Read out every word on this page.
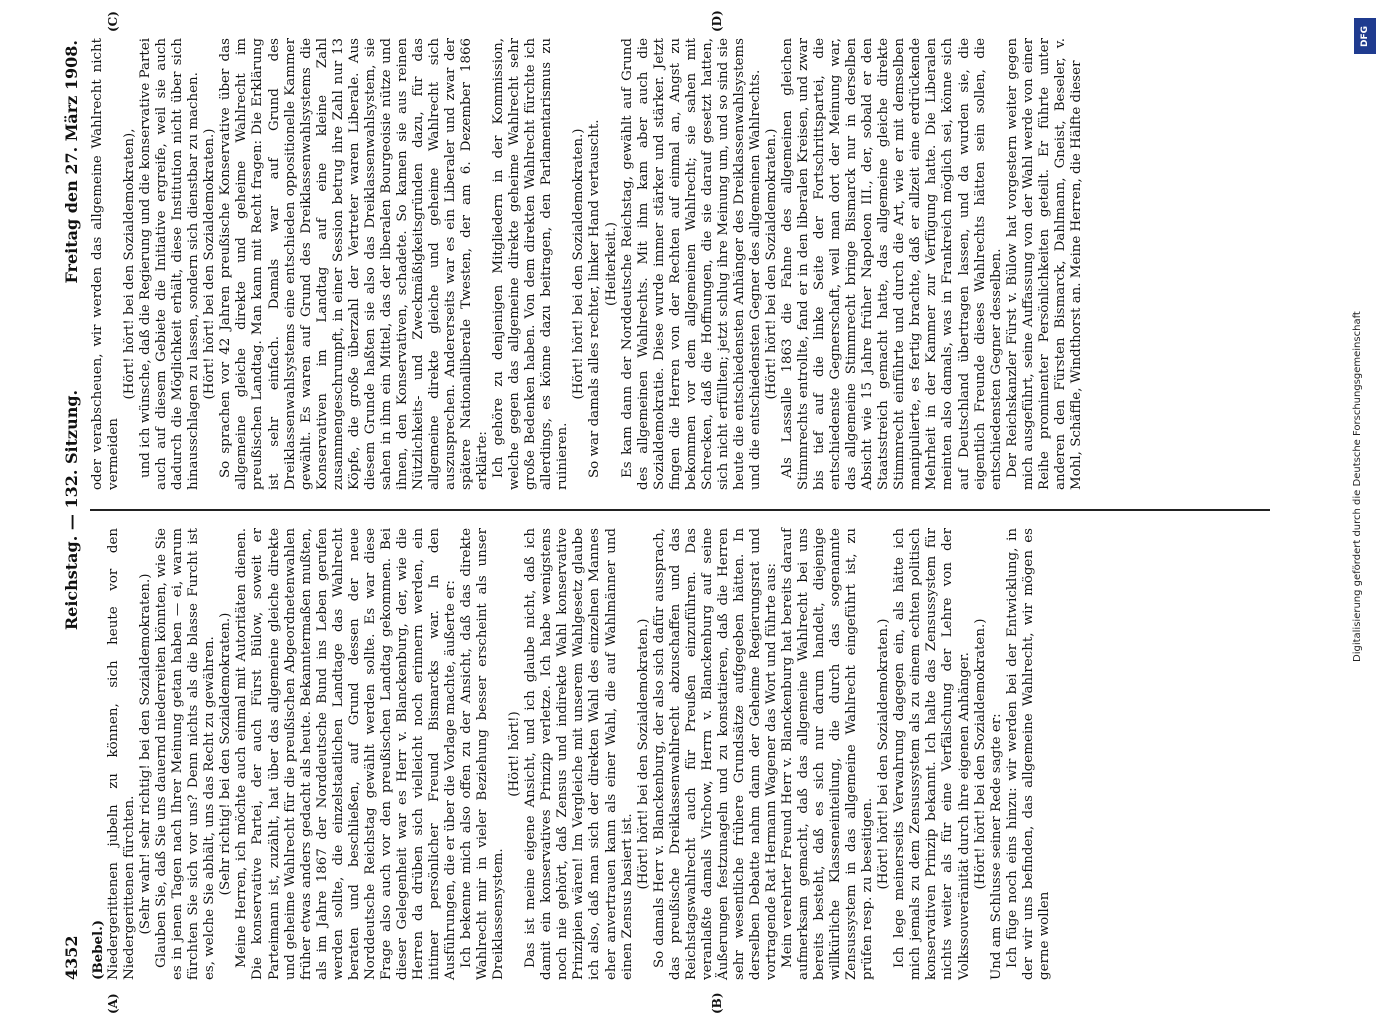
4352
Reichstag. — 132. Sitzung.
Freitag den 27. März 1908.
(A)	(B)
(C)	(D)

(Bebel.) Niedergerittenen jubeln zu können, sich heute vor den Niedergerittenen fürchten. (Sehr wahr! sehr richtig! bei den Sozialdemokraten.) Glauben Sie, daß Sie uns dauernd niederreiten könnten, wie Sie es in jenen Tagen nach Ihrer Meinung getan haben — ei, warum fürchten Sie sich vor uns? Denn nichts als die blasse Furcht ist es, welche Sie abhält, uns das Recht zu gewähren. (Sehr richtig! bei den Sozialdemokraten.) Meine Herren, ich möchte auch einmal mit Autoritäten dienen. Die konservative Partei, der auch Fürst Bülow, soweit er Parteimann ist, zuzählt, hat über das allgemeine gleiche direkte und geheime Wahlrecht für die preußischen Abgeordnetenwahlen früher etwas anders gedacht als heute. Bekanntermaßen mußten, als im Jahre 1867 der Norddeutsche Bund ins Leben gerufen werden sollte, die einzelstaatlichen Landtage das Wahlrecht beraten und beschließen, auf Grund dessen der neue Norddeutsche Reichstag gewählt werden sollte. Es war diese Frage also auch vor den preußischen Landtag gekommen. Bei dieser Gelegenheit war es Herr v. Blanckenburg, der, wie die Herren da drüben sich vielleicht noch erinnern werden, ein intimer persönlicher Freund Bismarcks war. In den Ausführungen, die er über die Vorlage machte, äußerte er: Ich bekenne mich also offen zu der Ansicht, daß das direkte Wahlrecht mir in vieler Beziehung besser erscheint als unser Dreiklassensystem.

(Hört! hört!) Das ist meine eigene Ansicht, und ich glaube nicht, daß ich damit ein konservatives Prinzip verletze. Ich habe wenigstens noch nie gehört, daß Zensus und indirekte Wahl konservative Prinzipien wären! Im Vergleiche mit unserem Wahlgesetz glaube ich also, daß man sich der direkten Wahl des einzelnen Mannes eher anvertrauen kann als einer Wahl, die auf Wahlmänner und einen Zensus basiert ist.

(Hört! hört! bei den Sozialdemokraten.) So damals Herr v. Blanckenburg, der also sich dafür aussprach, das preußische Dreiklassenwahlrecht abzuschaffen und das Reichstagswahlrecht auch für Preußen einzuführen. Das veranlaßte damals Virchow, Herrn v. Blanckenburg auf seine Äußerungen festzunageln und zu konstatieren, daß die Herren sehr wesentliche frühere Grundsätze aufgegeben hätten. In derselben Debatte nahm dann der Geheime Regierungsrat und vortragende Rat Hermann Wagener das Wort und führte aus: Mein verehrter Freund Herr v. Blanckenburg hat bereits darauf aufmerksam gemacht, daß das allgemeine Wahlrecht bei uns bereits besteht, daß es sich nur darum handelt, diejenige willkürliche Klasseneinteilung, die durch das sogenannte Zensussystem in das allgemeine Wahlrecht eingeführt ist, zu prüfen resp. zu beseitigen. (Hört! hört! bei den Sozialdemokraten.) Ich lege meinerseits Verwahrung dagegen ein, als hätte ich mich jemals zu dem Zensussystem als zu einem echten politisch konservativen Prinzip bekannt. Ich halte das Zensussystem für nichts weiter als für eine Verfälschung der Lehre von der Volkssouveränität durch ihre eigenen Anhänger. (Hört! hört! bei den Sozialdemokraten.) Und am Schlusse seiner Rede sagte er: Ich füge noch eins hinzu: wir werden bei der Entwicklung, in der wir uns befinden, das allgemeine Wahlrecht, wir mögen es gerne wollen

oder verabscheuen, wir werden das allgemeine Wahlrecht nicht vermeiden

(Hört! hört! bei den Sozialdemokraten), und ich wünsche, daß die Regierung und die konservative Partei auch auf diesem Gebiete die Initiative ergreife, weil sie auch dadurch die Möglichkeit erhält, diese Institution nicht über sich hinausschlagen zu lassen, sondern sich dienstbar zu machen. (Hört! hört! bei den Sozialdemokraten.) So sprachen vor 42 Jahren preußische Konservative über das allgemeine gleiche direkte und geheime Wahlrecht im preußischen Landtag. Man kann mit Recht fragen: Die Erklärung ist sehr einfach. Damals war auf Grund des Dreiklassenwahlsystems eine entschieden oppositionelle Kammer gewählt. Es waren auf Grund des Dreiklassenwahlsystems die Konservativen im Landtag auf eine kleine Zahl zusammengeschrumpft, in einer Session betrug ihre Zahl nur 13 Köpfe, die große überzahl der Vertreter waren Liberale. Aus diesem Grunde haßten sie also das Dreiklassenwahlsystem, sie sahen in ihm ein Mittel, das der liberalen Bourgeoisie nütze und ihnen, den Konservativen, schadete. So kamen sie aus reinen Nützlichkeits- und Zweckmäßigkeitsgründen dazu, für das allgemeine direkte gleiche und geheime Wahlrecht sich auszusprechen. Andererseits war es ein Liberaler und zwar der spätere Nationalliberale Twesten, der am 6. Dezember 1866 erklärte: Ich gehöre zu denjenigen Mitgliedern in der Kommission, welche gegen das allgemeine direkte geheime Wahlrecht sehr große Bedenken haben. Von dem direkten Wahlrecht fürchte ich allerdings, es könne dazu beitragen, den Parlamentarismus zu ruinieren.

(Hört! hört! bei den Sozialdemokraten.) So war damals alles rechter, linker Hand vertauscht. (Heiterkeit.) Es kam dann der Norddeutsche Reichstag, gewählt auf Grund des allgemeinen Wahlrechts. Mit ihm kam aber auch die Sozialdemokratie. Diese wurde immer stärker und stärker. Jetzt fingen die Herren von der Rechten auf einmal an, Angst zu bekommen vor dem allgemeinen Wahlrecht; sie sahen mit Schrecken, daß die Hoffnungen, die sie darauf gesetzt hatten, sich nicht erfüllten; jetzt schlug ihre Meinung um, und so sind sie heute die entschiedensten Anhänger des Dreiklassenwahlsystems und die entschiedensten Gegner des allgemeinen Wahlrechts. (Hört! hört! bei den Sozialdemokraten.) Als Lassalle 1863 die Fahne des allgemeinen gleichen Stimmrechts entrollte, fand er in den liberalen Kreisen, und zwar bis tief auf die linke Seite der Fortschrittspartei, die entschiedenste Gegnerschaft, weil man dort der Meinung war, das allgemeine Stimmrecht bringe Bismarck nur in derselben Absicht wie 15 Jahre früher Napoleon III., der, sobald er den Staatsstreich gemacht hatte, das allgemeine gleiche direkte Stimmrecht einführte und durch die Art, wie er mit demselben manipulierte, es fertig brachte, daß er allzeit eine erdrückende Mehrheit in der Kammer zur Verfügung hatte. Die Liberalen meinten also damals, was in Frankreich möglich sei, könne sich auf Deutschland übertragen lassen, und da wurden sie, die eigentlich Freunde dieses Wahlrechts hätten sein sollen, die entschiedensten Gegner desselben. Der Reichskanzler Fürst v. Bülow hat vorgestern weiter gegen mich ausgeführt, seine Auffassung von der Wahl werde von einer Reihe prominenter Persönlichkeiten geteilt. Er führte unter anderen den Fürsten Bismarck, Dahlmann, Gneist, Beseler, v. Mohl, Schäffle, Windthorst an. Meine Herren, die Hälfte dieser

DFG
Digitalisierung gefördert durch die Deutsche Forschungsgemeinschaft
